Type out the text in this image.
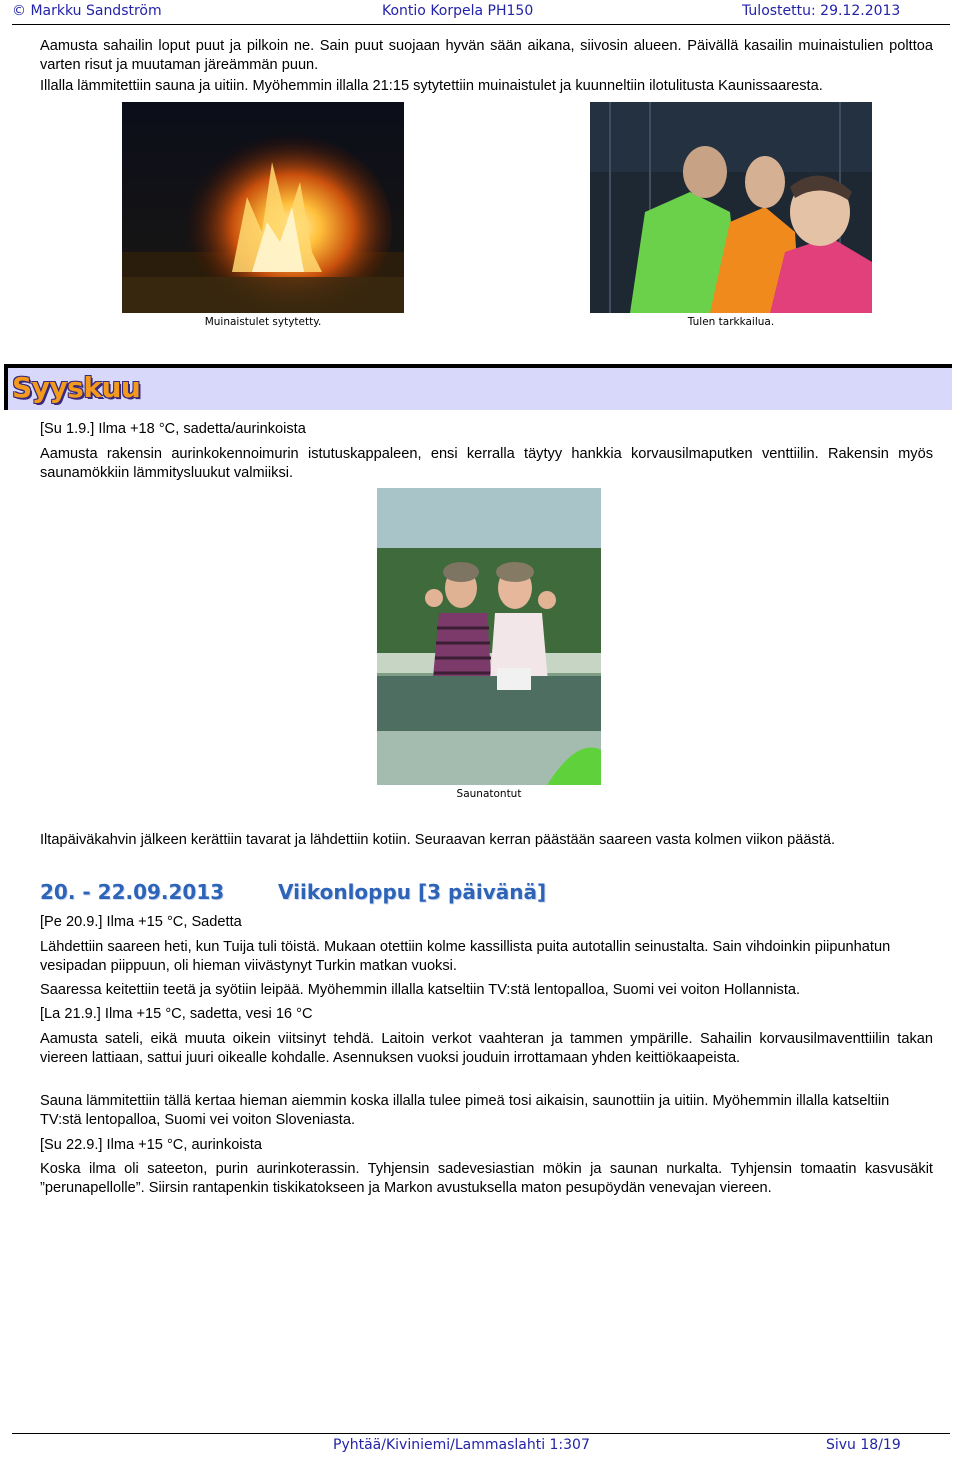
© Markku Sandström	Kontio Korpela PH150	Tulostettu: 29.12.2013

Aamusta sahailin loput puut ja pilkoin ne. Sain puut suojaan hyvän sään aikana, siivosin alueen. Päivällä kasailin muinaistulien polttoa varten risut ja muutaman järeämmän puun.

Illalla lämmitettiin sauna ja uitiin. Myöhemmin illalla 21:15 sytytettiin muinaistulet ja kuunneltiin ilotulitusta Kaunissaaresta.

Muinaistulet sytytetty.	Tulen tarkkailua.
Syyskuu

[Su 1.9.] Ilma +18 °C, sadetta/aurinkoista

Aamusta rakensin aurinkokennoimurin istutuskappaleen, ensi kerralla täytyy hankkia korvausilmaputken venttiilin. Rakensin myös saunamökkiin lämmitysluukut valmiiksi.

Saunatontut

Iltapäiväkahvin jälkeen kerättiin tavarat ja lähdettiin kotiin. Seuraavan kerran päästään saareen vasta kolmen viikon päästä.

20. - 22.09.2013	Viikonloppu [3 päivänä]

[Pe 20.9.] Ilma +15 °C, Sadetta

Lähdettiin saareen heti, kun Tuija tuli töistä. Mukaan otettiin kolme kassillista puita autotallin seinustalta. Sain vihdoinkin piipunhatun vesipadan piippuun, oli hieman viivästynyt Turkin matkan vuoksi.

Saaressa keitettiin teetä ja syötiin leipää. Myöhemmin illalla katseltiin TV:stä lentopalloa, Suomi vei voiton Hollannista.

[La 21.9.] Ilma +15 °C, sadetta, vesi 16 °C

Aamusta sateli, eikä muuta oikein viitsinyt tehdä. Laitoin verkot vaahteran ja tammen ympärille. Sahailin korvausilmaventtiilin takan viereen lattiaan, sattui juuri oikealle kohdalle. Asennuksen vuoksi jouduin irrottamaan yhden keittiökaapeista.

Sauna lämmitettiin tällä kertaa hieman aiemmin koska illalla tulee pimeä tosi aikaisin, saunottiin ja uitiin. Myöhemmin illalla katseltiin TV:stä lentopalloa, Suomi vei voiton Sloveniasta.

[Su 22.9.] Ilma +15 °C, aurinkoista

Koska ilma oli sateeton, purin aurinkoterassin. Tyhjensin sadevesiastian mökin ja saunan nurkalta. Tyhjensin tomaatin kasvusäkit ”perunapellolle”. Siirsin rantapenkin tiskikatokseen ja Markon avustuksella maton pesupöydän venevajan viereen.

Pyhtää/Kiviniemi/Lammaslahti 1:307	Sivu 18/19
